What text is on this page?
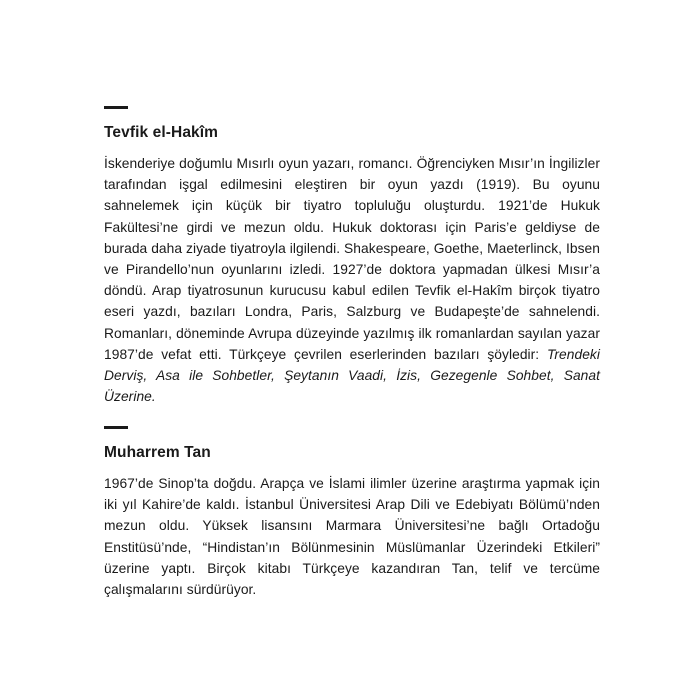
Tevfik el-Hakîm

İskenderiye doğumlu Mısırlı oyun yazarı, romancı. Öğrenciyken Mısır’ın İngilizler tarafından işgal edilmesini eleştiren bir oyun yazdı (1919). Bu oyunu sahnelemek için küçük bir tiyatro topluluğu oluşturdu. 1921’de Hukuk Fakültesi’ne girdi ve mezun oldu. Hukuk doktorası için Paris’e geldiyse de burada daha ziyade tiyatroyla ilgilendi. Shakespeare, Goethe, Maeterlinck, Ibsen ve Pirandello’nun oyunlarını izledi. 1927’de doktora yapmadan ülkesi Mısır’a döndü. Arap tiyatrosunun kurucusu kabul edilen Tevfik el-Hakîm birçok tiyatro eseri yazdı, bazıları Londra, Paris, Salzburg ve Budapeşte’de sahnelendi. Romanları, döneminde Avrupa düzeyinde yazılmış ilk romanlardan sayılan yazar 1987’de vefat etti. Türkçeye çevrilen eserlerinden bazıları şöyledir: Trendeki Derviş, Asa ile Sohbetler, Şeytanın Vaadi, İzis, Gezegenle Sohbet, Sanat Üzerine.

Muharrem Tan

1967’de Sinop’ta doğdu. Arapça ve İslami ilimler üzerine araştırma yapmak için iki yıl Kahire’de kaldı. İstanbul Üniversitesi Arap Dili ve Edebiyatı Bölümü’nden mezun oldu. Yüksek lisansını Marmara Üniversitesi’ne bağlı Ortadoğu Enstitüsü’nde, “Hindistan’ın Bölünmesinin Müslümanlar Üzerindeki Etkileri” üzerine yaptı. Birçok kitabı Türkçeye kazandıran Tan, telif ve tercüme çalışmalarını sürdürüyor.
